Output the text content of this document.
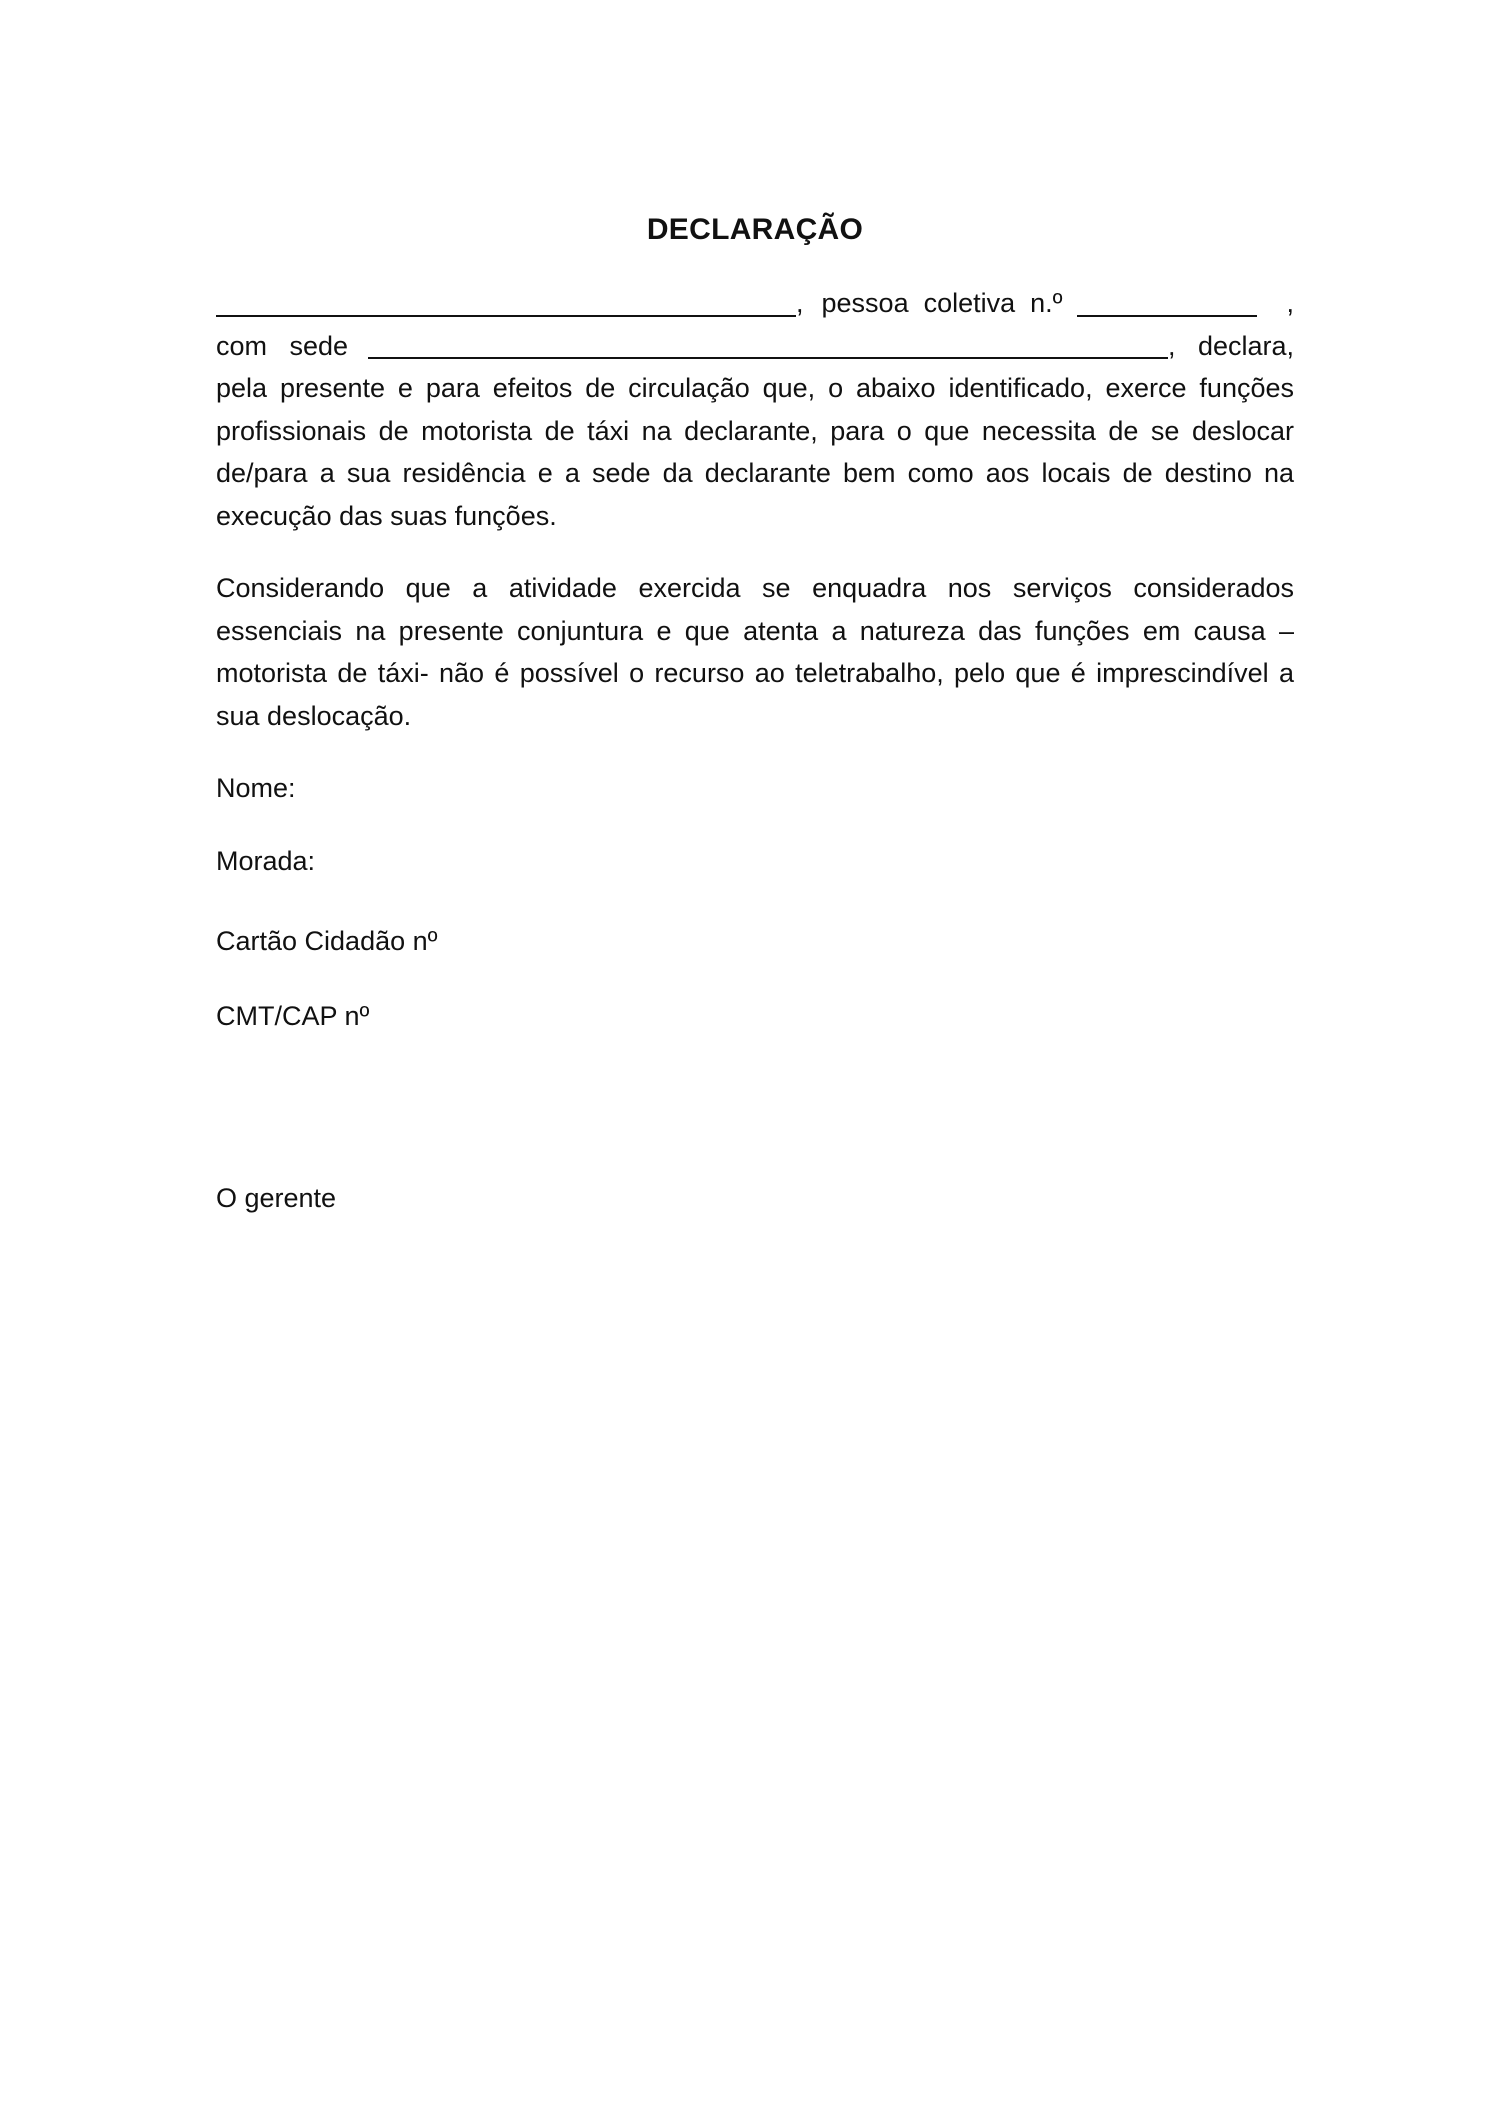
DECLARAÇÃO
, pessoa  coletiva  n.º	,
com   sede	,   declara,

pela presente e para efeitos de circulação que, o abaixo identificado, exerce funções profissionais de motorista de táxi na declarante, para o que necessita de se deslocar de/para a sua residência e a sede da declarante bem como aos locais de destino na execução das suas funções.

Considerando que a atividade exercida se enquadra nos serviços considerados essenciais na presente conjuntura e que atenta a natureza das funções em causa – motorista de táxi- não é possível o recurso ao teletrabalho, pelo que é imprescindível a sua deslocação.

Nome:

Morada:

Cartão Cidadão nº

CMT/CAP nº

O gerente
